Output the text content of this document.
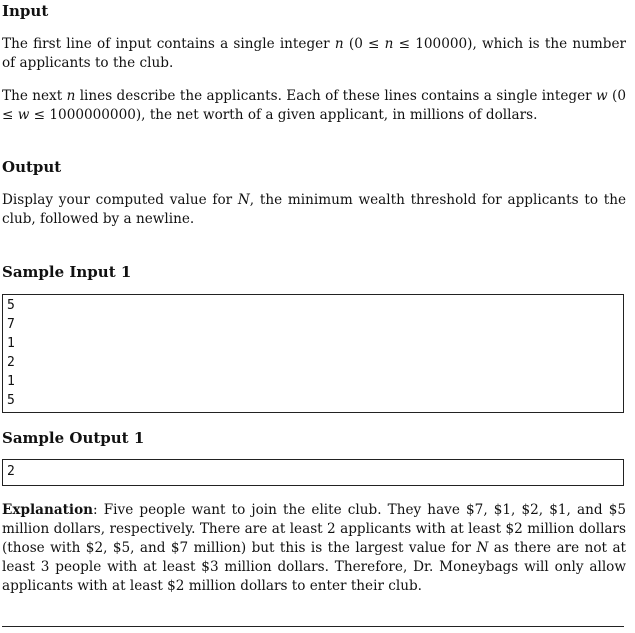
Input

The first line of input contains a single integer n (0 ≤ n ≤ 100000), which is the number of applicants to the club.

The next n lines describe the applicants. Each of these lines contains a single integer w (0 ≤ w ≤ 1000000000), the net worth of a given applicant, in millions of dollars.

Output

Display your computed value for N, the minimum wealth threshold for applicants to the club, followed by a newline.

Sample Input 1
5
7
1
2
1
5
Sample Output 1
2

Explanation: Five people want to join the elite club. They have $7, $1, $2, $1, and $5 million dollars, respectively. There are at least 2 applicants with at least $2 million dollars (those with $2, $5, and $7 million) but this is the largest value for N as there are not at least 3 people with at least $3 million dollars. Therefore, Dr. Moneybags will only allow applicants with at least $2 million dollars to enter their club.
